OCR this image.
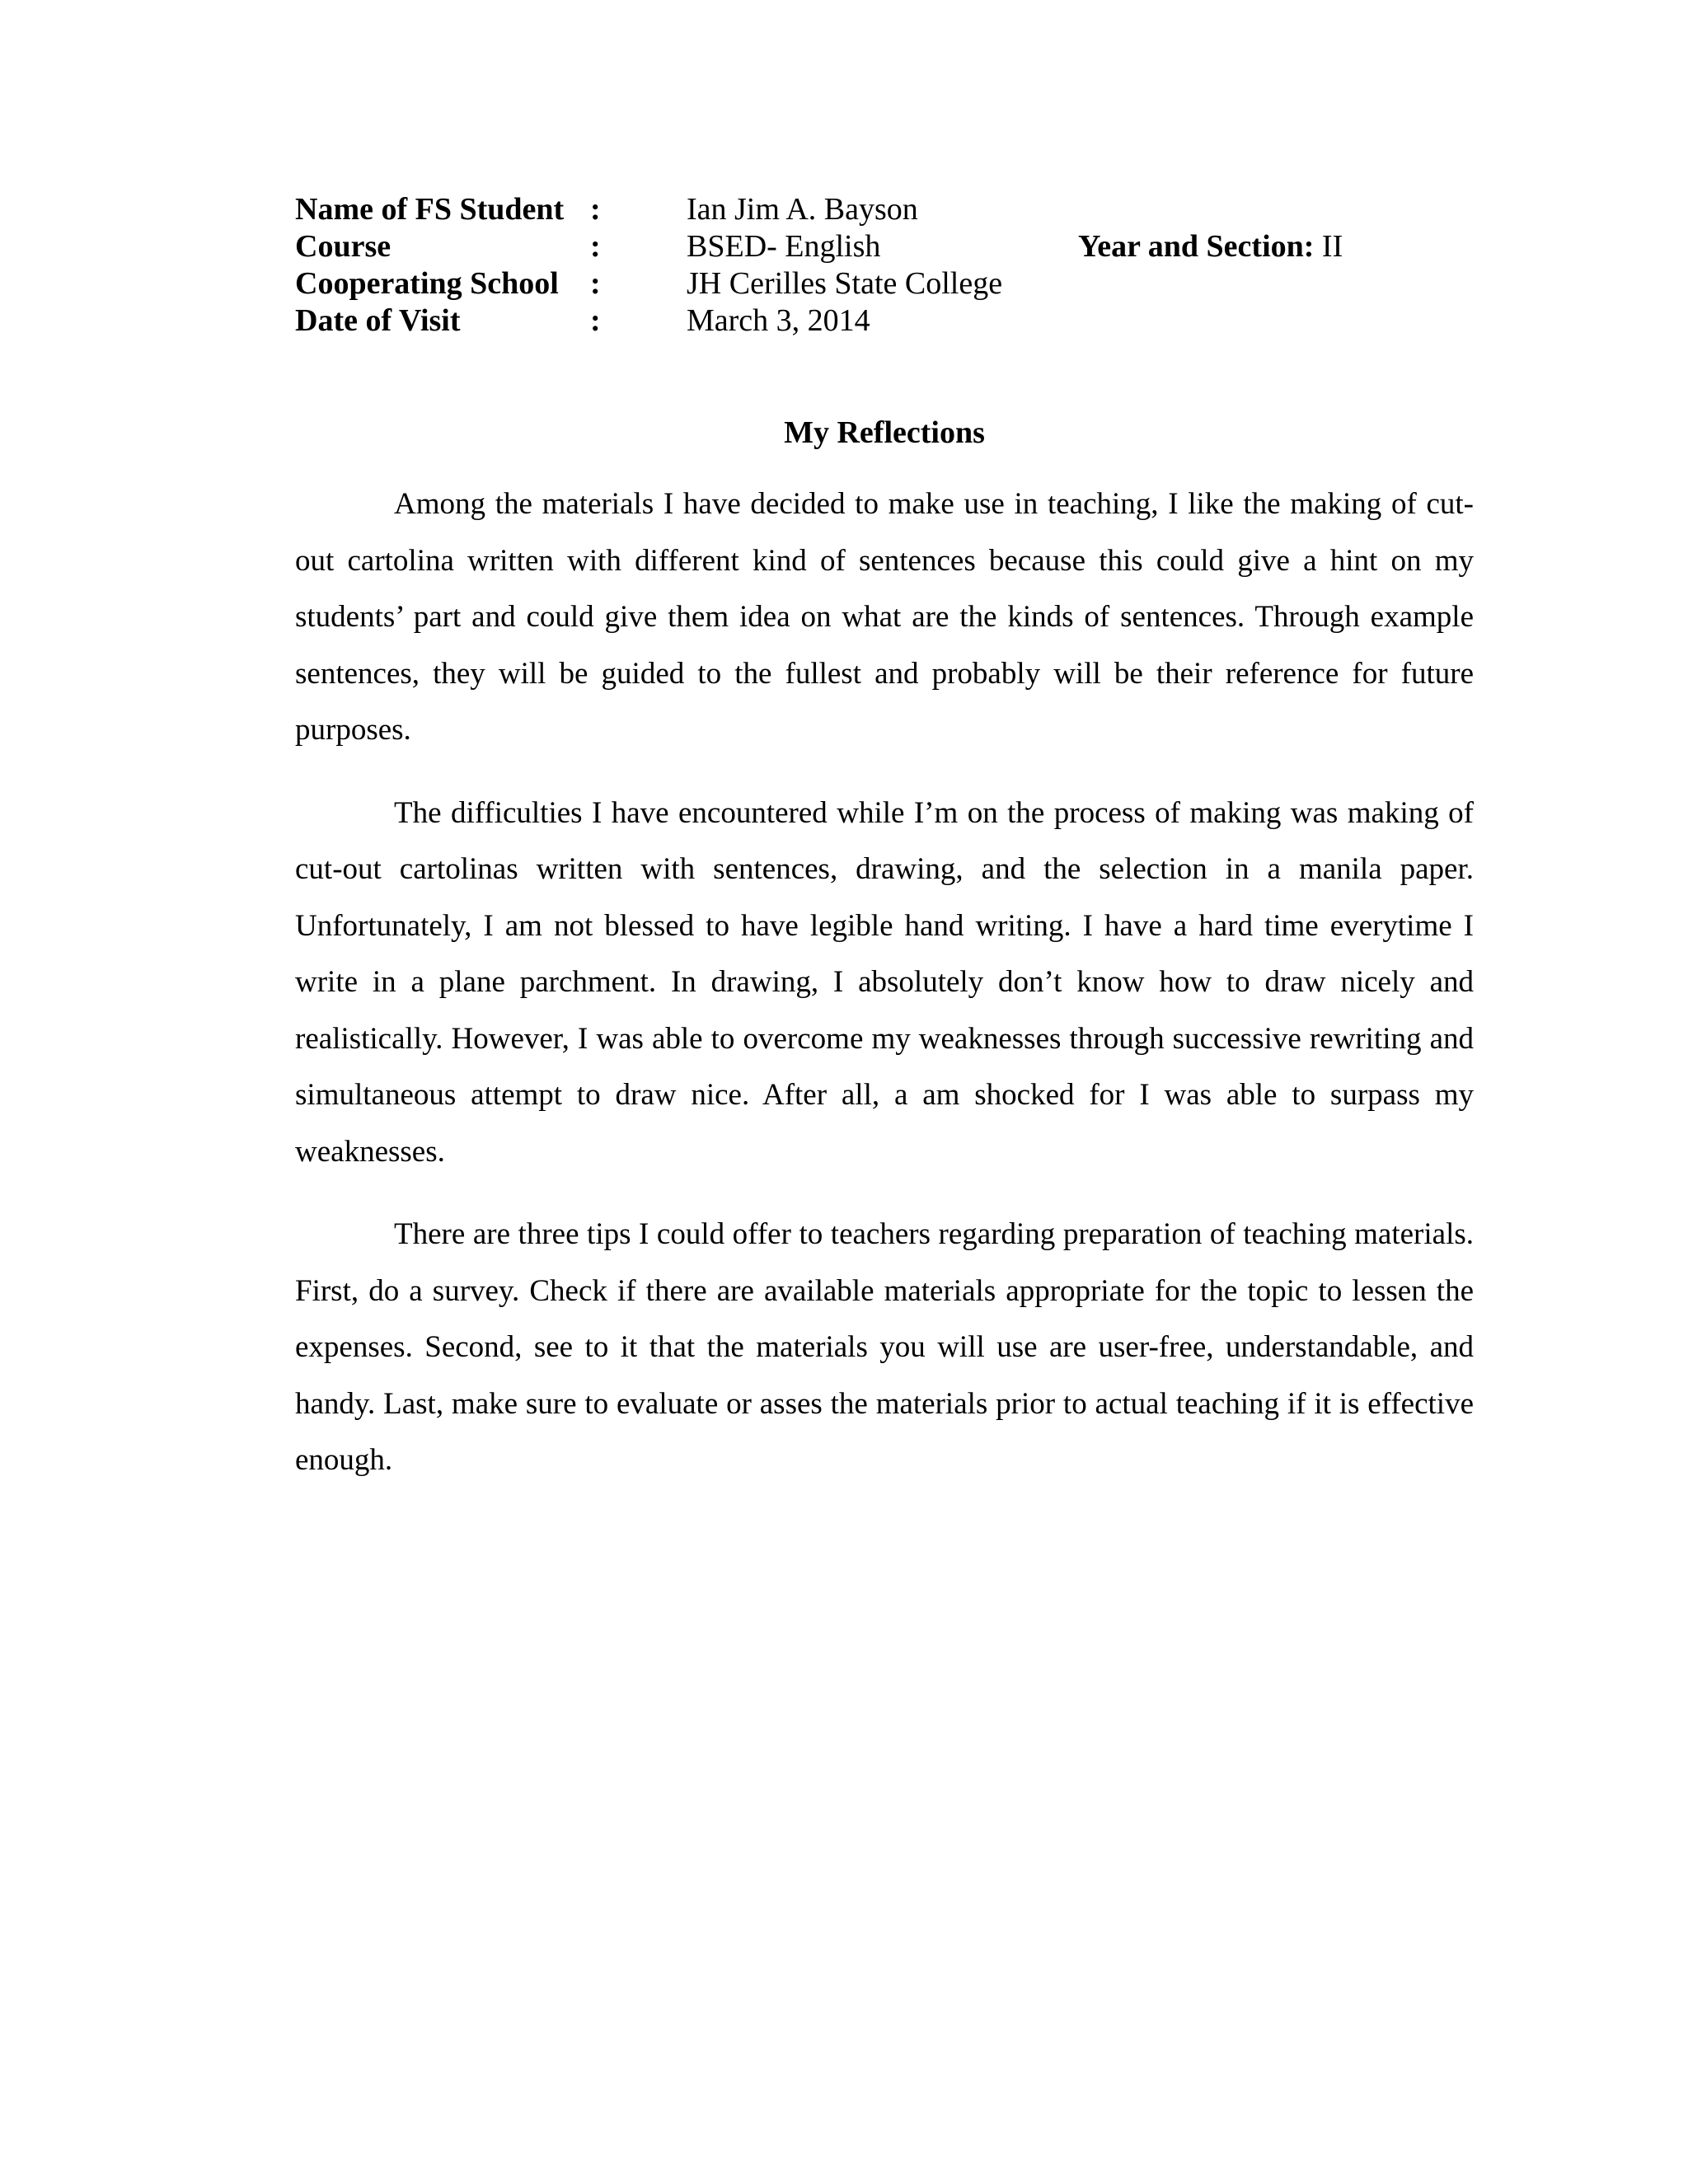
Name of FS Student :	Ian Jim A. Bayson
Course	:	BSED- English	Year and Section: II
Cooperating School :	JH Cerilles State College
Date of Visit	:	March 3, 2014
My Reflections

Among the materials I have decided to make use in teaching, I like the making of cut-out cartolina written with different kind of sentences because this could give a hint on my students’ part and could give them idea on what are the kinds of sentences. Through example sentences, they will be guided to the fullest and probably will be their reference for future purposes.

The difficulties I have encountered while I’m on the process of making was making of cut-out cartolinas written with sentences, drawing, and the selection in a manila paper. Unfortunately, I am not blessed to have legible hand writing. I have a hard time everytime I write in a plane parchment. In drawing, I absolutely don’t know how to draw nicely and realistically. However, I was able to overcome my weaknesses through successive rewriting and simultaneous attempt to draw nice. After all, a am shocked for I was able to surpass my weaknesses.

There are three tips I could offer to teachers regarding preparation of teaching materials. First, do a survey. Check if there are available materials appropriate for the topic to lessen the expenses. Second, see to it that the materials you will use are user-free, understandable, and handy. Last, make sure to evaluate or asses the materials prior to actual teaching if it is effective enough.
